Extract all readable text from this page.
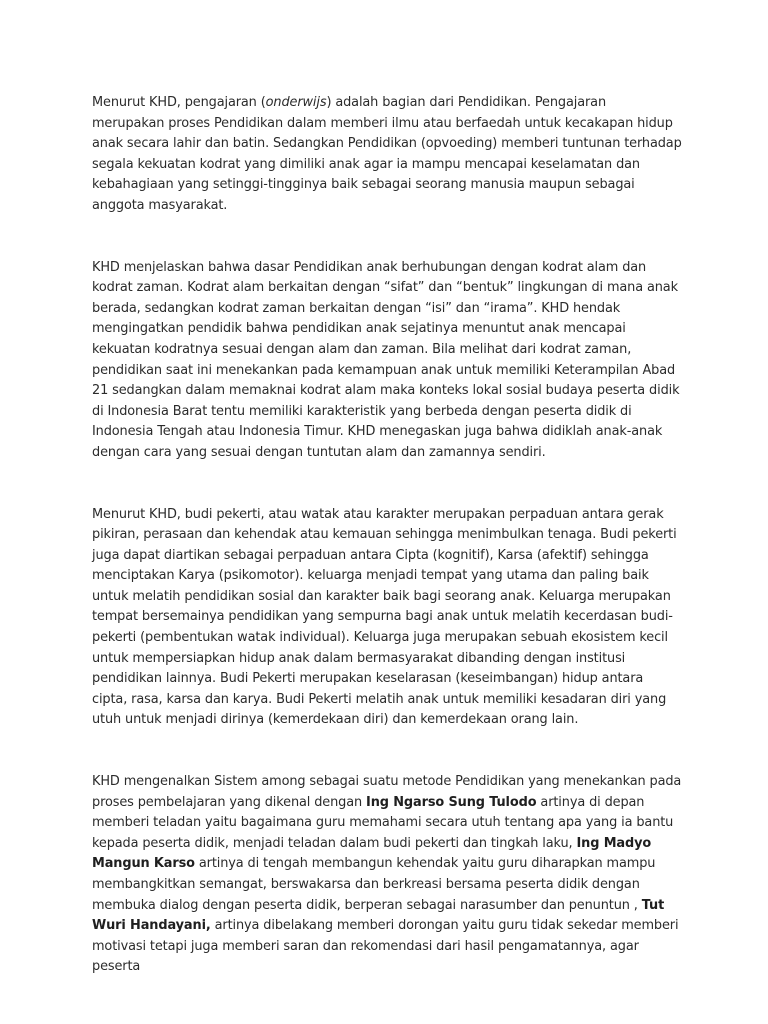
Menurut KHD, pengajaran (onderwijs) adalah bagian dari Pendidikan. Pengajaran merupakan proses Pendidikan dalam memberi ilmu atau berfaedah untuk kecakapan hidup anak secara lahir dan batin. Sedangkan Pendidikan (opvoeding) memberi tuntunan terhadap segala kekuatan kodrat yang dimiliki anak agar ia mampu mencapai keselamatan dan kebahagiaan yang setinggi-tingginya baik sebagai seorang manusia maupun sebagai anggota masyarakat.

KHD menjelaskan bahwa dasar Pendidikan anak berhubungan dengan kodrat alam dan kodrat zaman. Kodrat alam berkaitan dengan “sifat” dan “bentuk” lingkungan di mana anak berada, sedangkan kodrat zaman berkaitan dengan “isi” dan “irama”. KHD hendak mengingatkan pendidik bahwa pendidikan anak sejatinya menuntut anak mencapai kekuatan kodratnya sesuai dengan alam dan zaman. Bila melihat dari kodrat zaman, pendidikan saat ini menekankan pada kemampuan anak untuk memiliki Keterampilan Abad 21 sedangkan dalam memaknai kodrat alam maka konteks lokal sosial budaya peserta didik di Indonesia Barat tentu memiliki karakteristik yang berbeda dengan peserta didik di Indonesia Tengah atau Indonesia Timur. KHD menegaskan juga bahwa didiklah anak-anak dengan cara yang sesuai dengan tuntutan alam dan zamannya sendiri.

Menurut KHD, budi pekerti, atau watak atau karakter merupakan perpaduan antara gerak pikiran, perasaan dan kehendak atau kemauan sehingga menimbulkan tenaga. Budi pekerti juga dapat diartikan sebagai perpaduan antara Cipta (kognitif), Karsa (afektif) sehingga menciptakan Karya (psikomotor). keluarga menjadi tempat yang utama dan paling baik untuk melatih pendidikan sosial dan karakter baik bagi seorang anak. Keluarga merupakan tempat bersemainya pendidikan yang sempurna bagi anak untuk melatih kecerdasan budi-pekerti (pembentukan watak individual). Keluarga juga merupakan sebuah ekosistem kecil untuk mempersiapkan hidup anak dalam bermasyarakat dibanding dengan institusi pendidikan lainnya. Budi Pekerti merupakan keselarasan (keseimbangan) hidup antara cipta, rasa, karsa dan karya. Budi Pekerti melatih anak untuk memiliki kesadaran diri yang utuh untuk menjadi dirinya (kemerdekaan diri) dan kemerdekaan orang lain.

KHD mengenalkan Sistem among sebagai suatu metode Pendidikan yang menekankan pada proses pembelajaran yang dikenal dengan Ing Ngarso Sung Tulodo artinya di depan memberi teladan yaitu bagaimana guru memahami secara utuh tentang apa yang ia bantu kepada peserta didik, menjadi teladan dalam budi pekerti dan tingkah laku, Ing Madyo Mangun Karso artinya di tengah membangun kehendak yaitu guru diharapkan mampu membangkitkan semangat, berswakarsa dan berkreasi bersama peserta didik dengan membuka dialog dengan peserta didik, berperan sebagai narasumber dan penuntun , Tut Wuri Handayani, artinya dibelakang memberi dorongan yaitu guru tidak sekedar memberi motivasi tetapi juga memberi saran dan rekomendasi dari hasil pengamatannya, agar peserta
